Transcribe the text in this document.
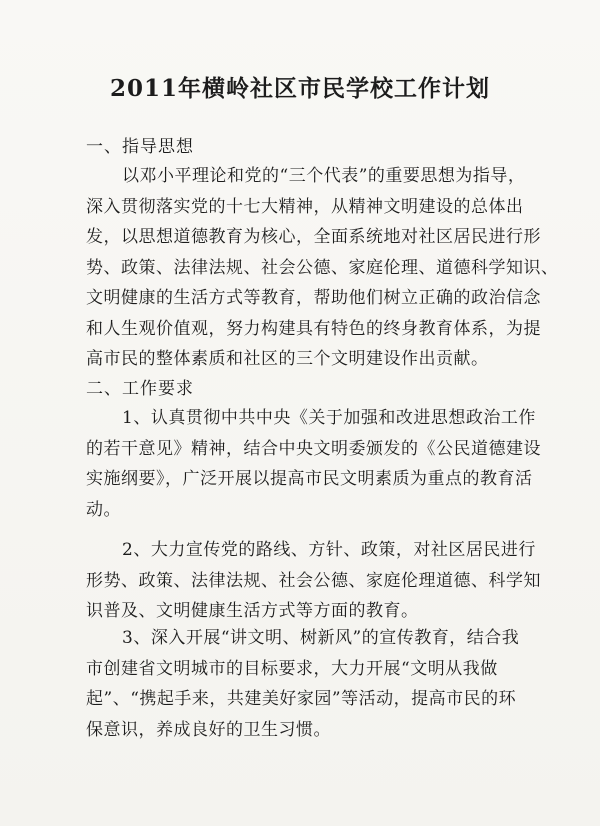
2011年横岭社区市民学校工作计划
一、指导思想
以邓小平理论和党的“三个代表”的重要思想为指导，
深入贯彻落实党的十七大精神，从精神文明建设的总体出
发，以思想道德教育为核心，全面系统地对社区居民进行形
势、政策、法律法规、社会公德、家庭伦理、道德科学知识、
文明健康的生活方式等教育，帮助他们树立正确的政治信念
和人生观价值观，努力构建具有特色的终身教育体系，为提
高市民的整体素质和社区的三个文明建设作出贡献。
二、工作要求
1、认真贯彻中共中央《关于加强和改进思想政治工作
的若干意见》精神，结合中央文明委颁发的《公民道德建设
实施纲要》，广泛开展以提高市民文明素质为重点的教育活
动。
2、大力宣传党的路线、方针、政策，对社区居民进行
形势、政策、法律法规、社会公德、家庭伦理道德、科学知
识普及、文明健康生活方式等方面的教育。
3、深入开展“讲文明、树新风”的宣传教育，结合我
市创建省文明城市的目标要求，大力开展“文明从我做
起”、“携起手来，共建美好家园”等活动，提高市民的环
保意识，养成良好的卫生习惯。
